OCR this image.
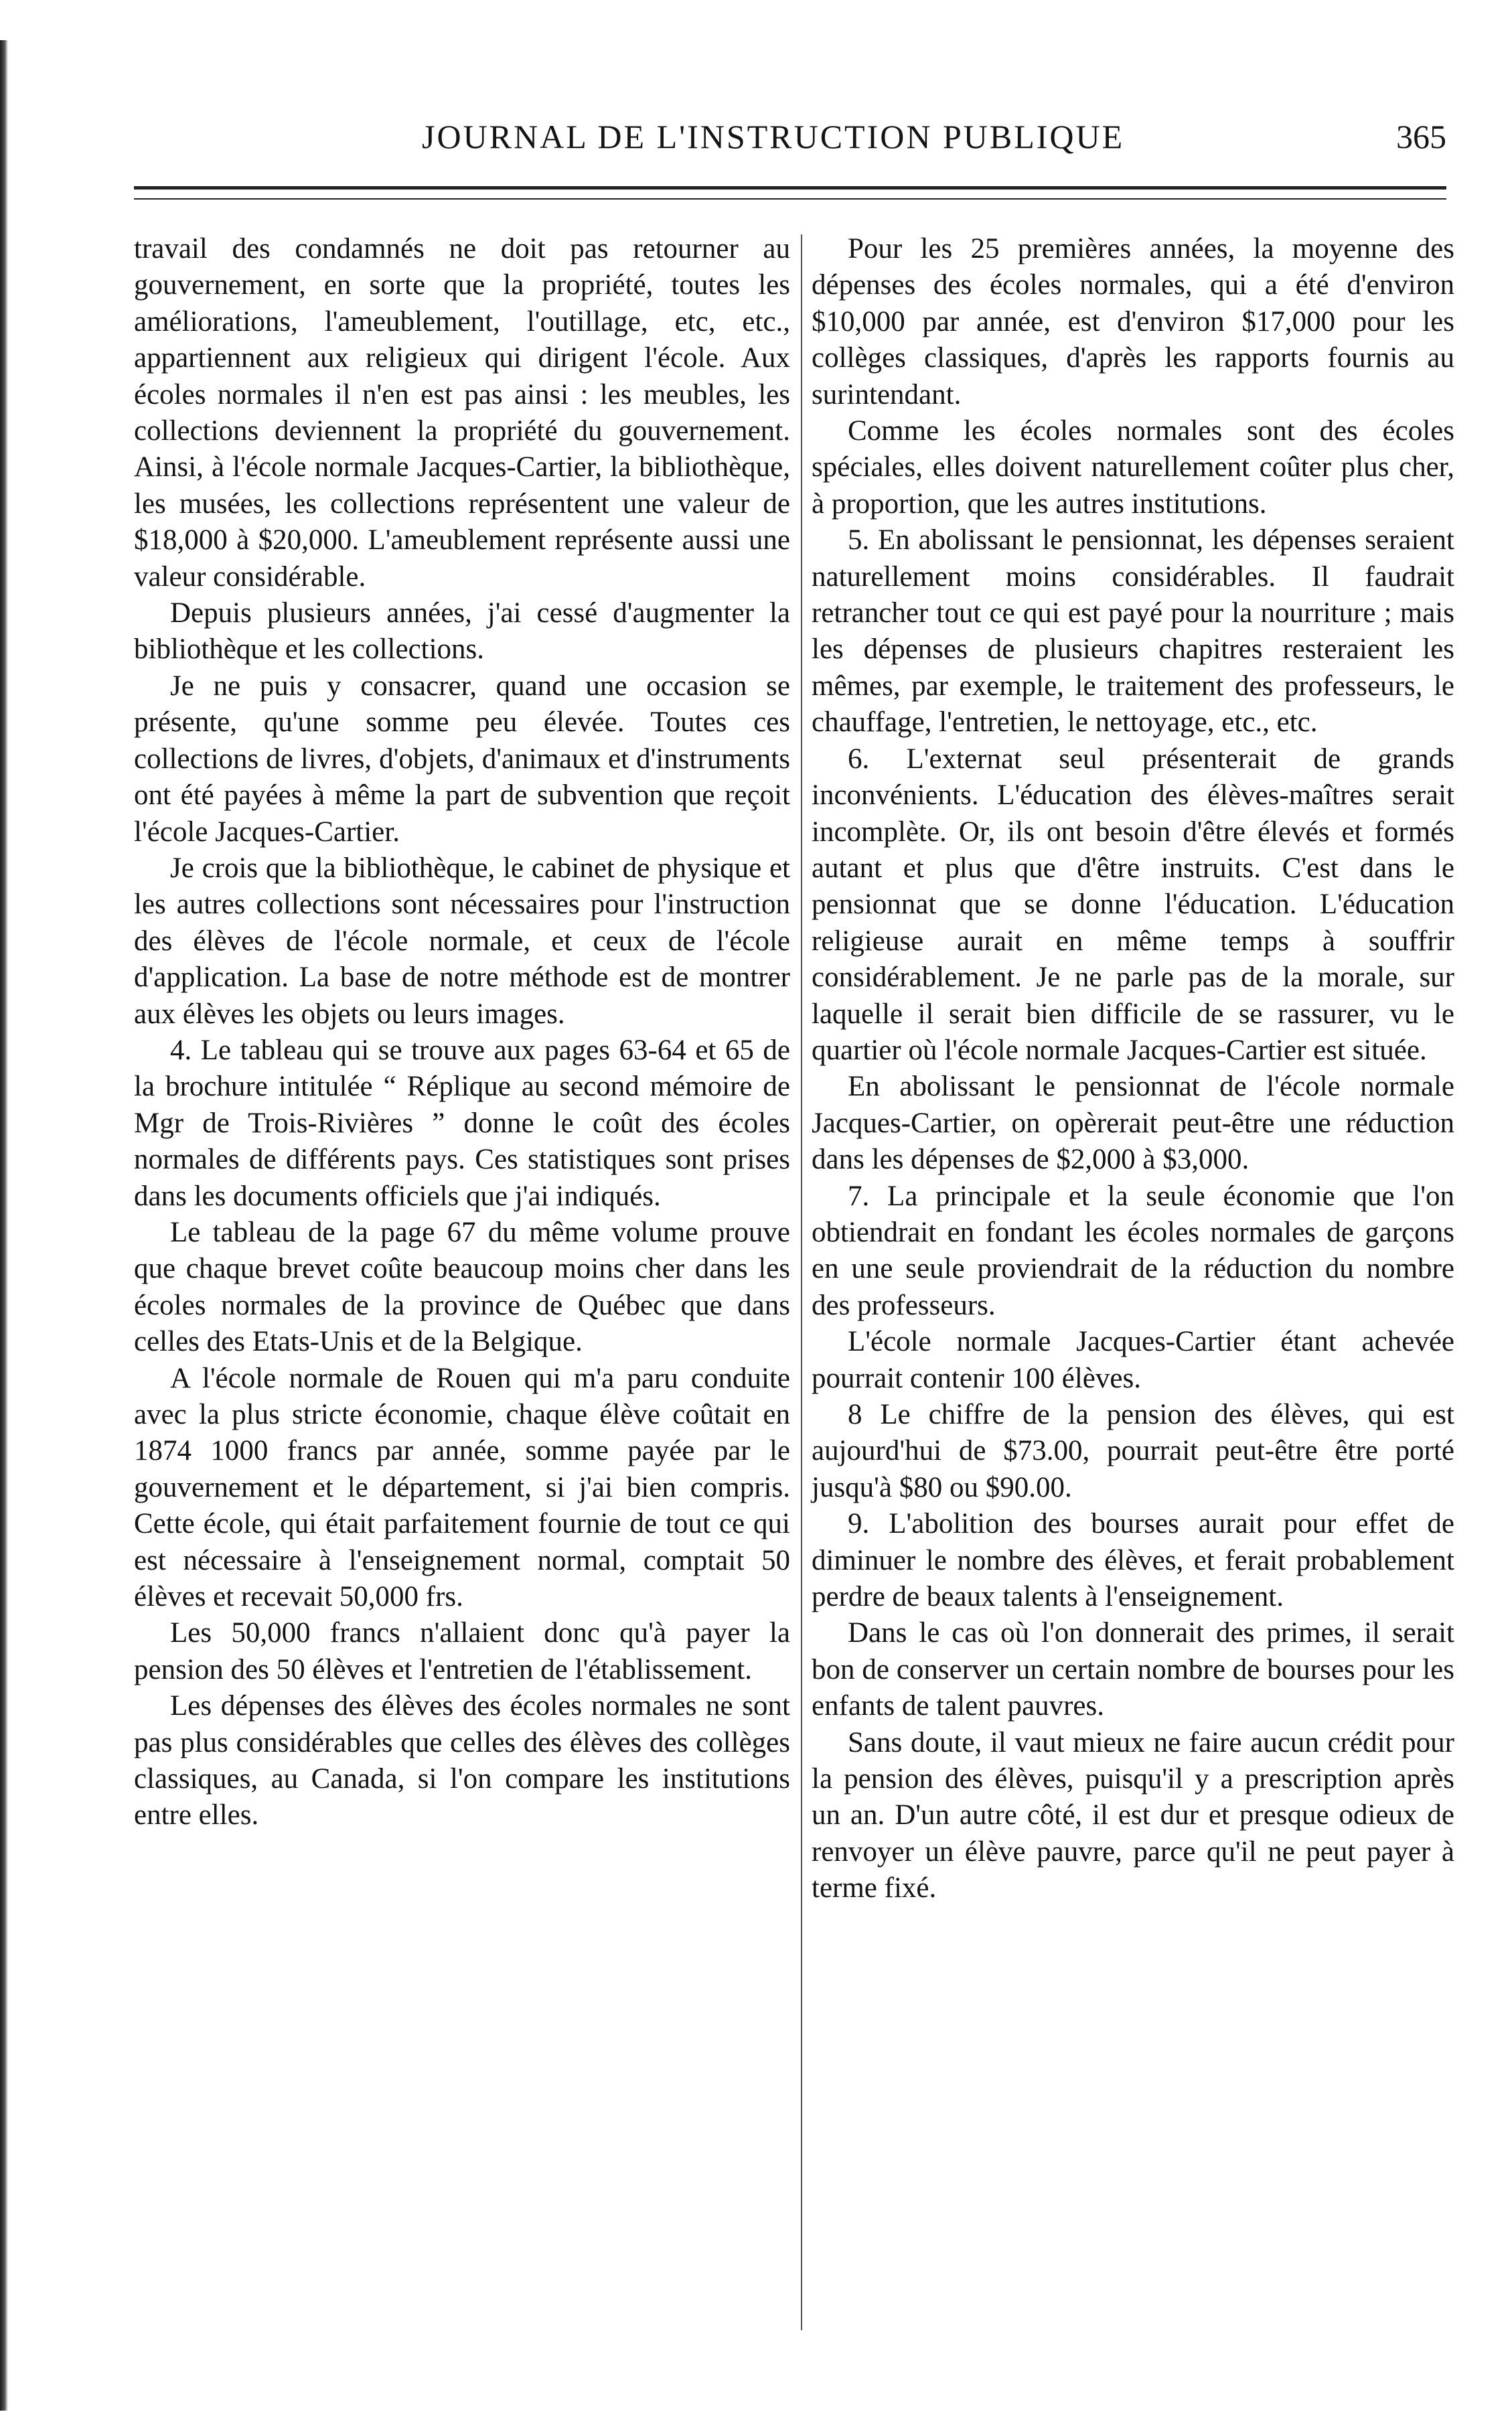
JOURNAL DE L'INSTRUCTION PUBLIQUE	365

travail des condamnés ne doit pas retourner au gouvernement, en sorte que la propriété, toutes les améliorations, l'ameublement, l'outillage, etc, etc., appartiennent aux religieux qui dirigent l'école. Aux écoles normales il n'en est pas ainsi : les meubles, les collections deviennent la propriété du gouvernement. Ainsi, à l'école normale Jacques-Cartier, la bibliothèque, les musées, les collections représentent une valeur de $18,000 à $20,000. L'ameublement représente aussi une valeur considérable.

Depuis plusieurs années, j'ai cessé d'augmenter la bibliothèque et les collections.

Je ne puis y consacrer, quand une occasion se présente, qu'une somme peu élevée. Toutes ces collections de livres, d'objets, d'animaux et d'instruments ont été payées à même la part de subvention que reçoit l'école Jacques-Cartier.

Je crois que la bibliothèque, le cabinet de physique et les autres collections sont nécessaires pour l'instruction des élèves de l'école normale, et ceux de l'école d'application. La base de notre méthode est de montrer aux élèves les objets ou leurs images.

4. Le tableau qui se trouve aux pages 63-64 et 65 de la brochure intitulée “ Réplique au second mémoire de Mgr de Trois-Rivières ” donne le coût des écoles normales de différents pays. Ces statistiques sont prises dans les documents officiels que j'ai indiqués.

Le tableau de la page 67 du même volume prouve que chaque brevet coûte beaucoup moins cher dans les écoles normales de la province de Québec que dans celles des Etats-Unis et de la Belgique.

A l'école normale de Rouen qui m'a paru conduite avec la plus stricte économie, chaque élève coûtait en 1874 1000 francs par année, somme payée par le gouvernement et le département, si j'ai bien compris. Cette école, qui était parfaitement fournie de tout ce qui est nécessaire à l'enseignement normal, comptait 50 élèves et recevait 50,000 frs.

Les 50,000 francs n'allaient donc qu'à payer la pension des 50 élèves et l'entretien de l'établissement.

Les dépenses des élèves des écoles normales ne sont pas plus considérables que celles des élèves des collèges classiques, au Canada, si l'on compare les institutions entre elles.

Pour les 25 premières années, la moyenne des dépenses des écoles normales, qui a été d'environ $10,000 par année, est d'environ $17,000 pour les collèges classiques, d'après les rapports fournis au surintendant.

Comme les écoles normales sont des écoles spéciales, elles doivent naturellement coûter plus cher, à proportion, que les autres institutions.

5. En abolissant le pensionnat, les dépenses seraient naturellement moins considérables. Il faudrait retrancher tout ce qui est payé pour la nourriture ; mais les dépenses de plusieurs chapitres resteraient les mêmes, par exemple, le traitement des professeurs, le chauffage, l'entretien, le nettoyage, etc., etc.

6. L'externat seul présenterait de grands inconvénients. L'éducation des élèves-maîtres serait incomplète. Or, ils ont besoin d'être élevés et formés autant et plus que d'être instruits. C'est dans le pensionnat que se donne l'éducation. L'éducation religieuse aurait en même temps à souffrir considérablement. Je ne parle pas de la morale, sur laquelle il serait bien difficile de se rassurer, vu le quartier où l'école normale Jacques-Cartier est située.

En abolissant le pensionnat de l'école normale Jacques-Cartier, on opèrerait peut-être une réduction dans les dépenses de $2,000 à $3,000.

7. La principale et la seule économie que l'on obtiendrait en fondant les écoles normales de garçons en une seule proviendrait de la réduction du nombre des professeurs.

L'école normale Jacques-Cartier étant achevée pourrait contenir 100 élèves.

8 Le chiffre de la pension des élèves, qui est aujourd'hui de $73.00, pourrait peut-être être porté jusqu'à $80 ou $90.00.

9. L'abolition des bourses aurait pour effet de diminuer le nombre des élèves, et ferait probablement perdre de beaux talents à l'enseignement.

Dans le cas où l'on donnerait des primes, il serait bon de conserver un certain nombre de bourses pour les enfants de talent pauvres.

Sans doute, il vaut mieux ne faire aucun crédit pour la pension des élèves, puisqu'il y a prescription après un an. D'un autre côté, il est dur et presque odieux de renvoyer un élève pauvre, parce qu'il ne peut payer à terme fixé.
